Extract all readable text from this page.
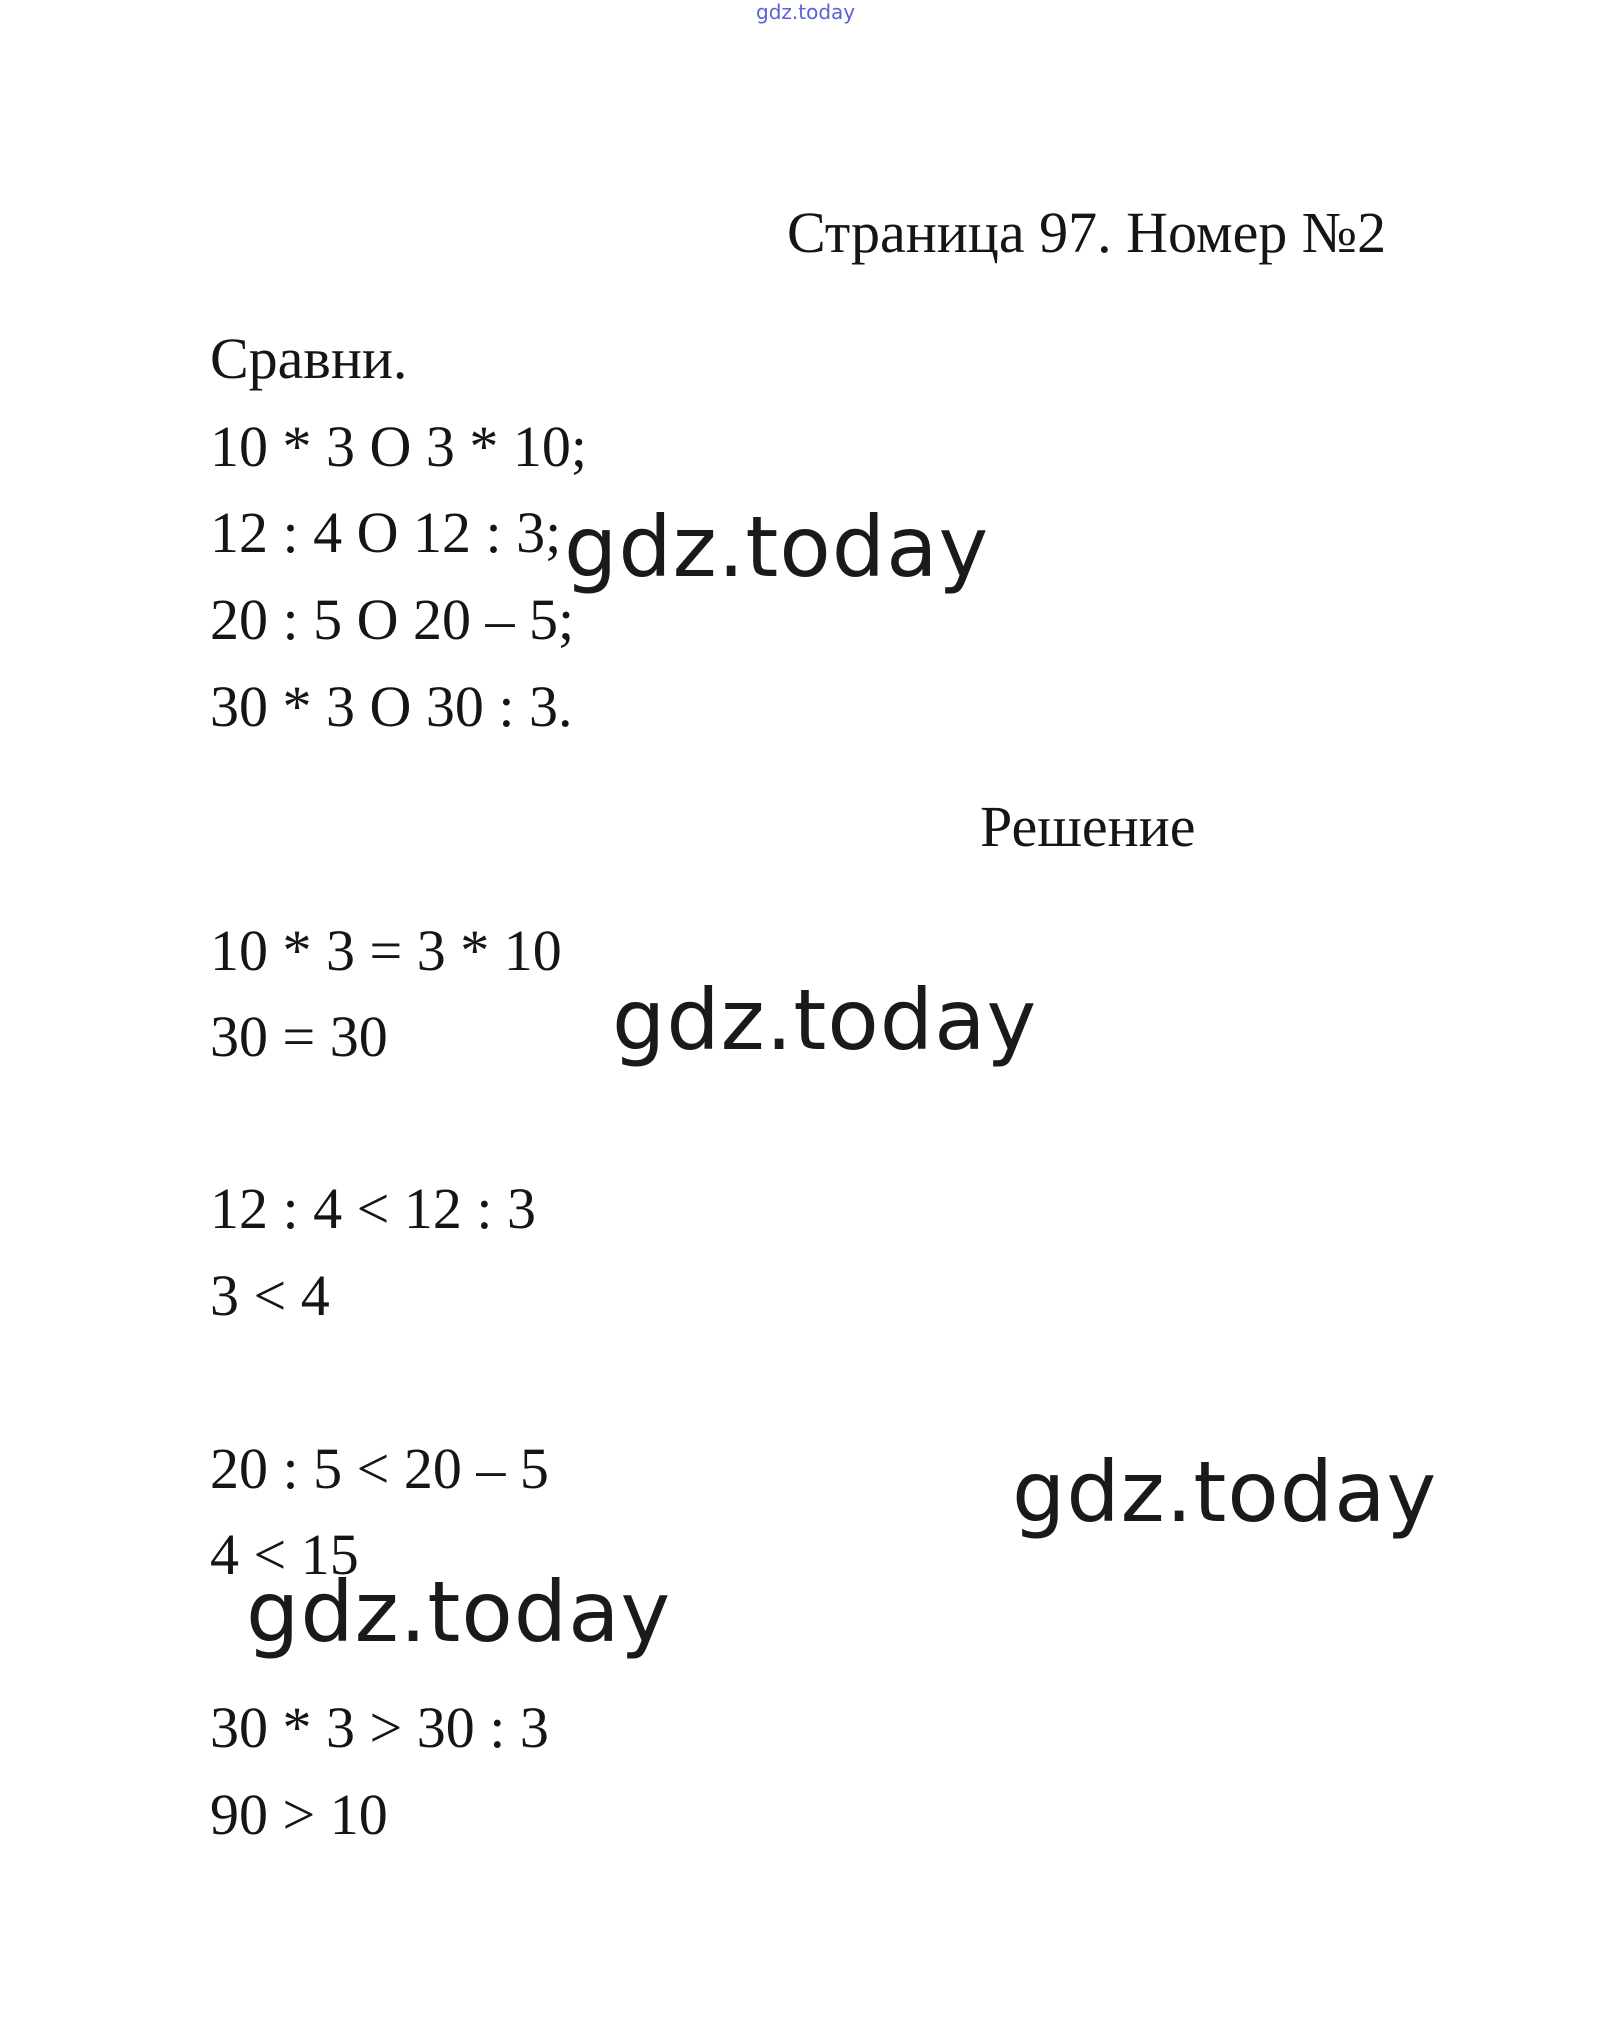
gdz.today
Страница 97. Номер №2
Сравни.
10 * 3 O 3 * 10;
12 : 4 O 12 : 3;
20 : 5 O 20 – 5;
30 * 3 O 30 : 3.
Решение
10 * 3 = 3 * 10
30 = 30
12 : 4 < 12 : 3
3 < 4
20 : 5 < 20 – 5
4 < 15
30 * 3 > 30 : 3
90 > 10
gdz.today
gdz.today
gdz.today
gdz.today
